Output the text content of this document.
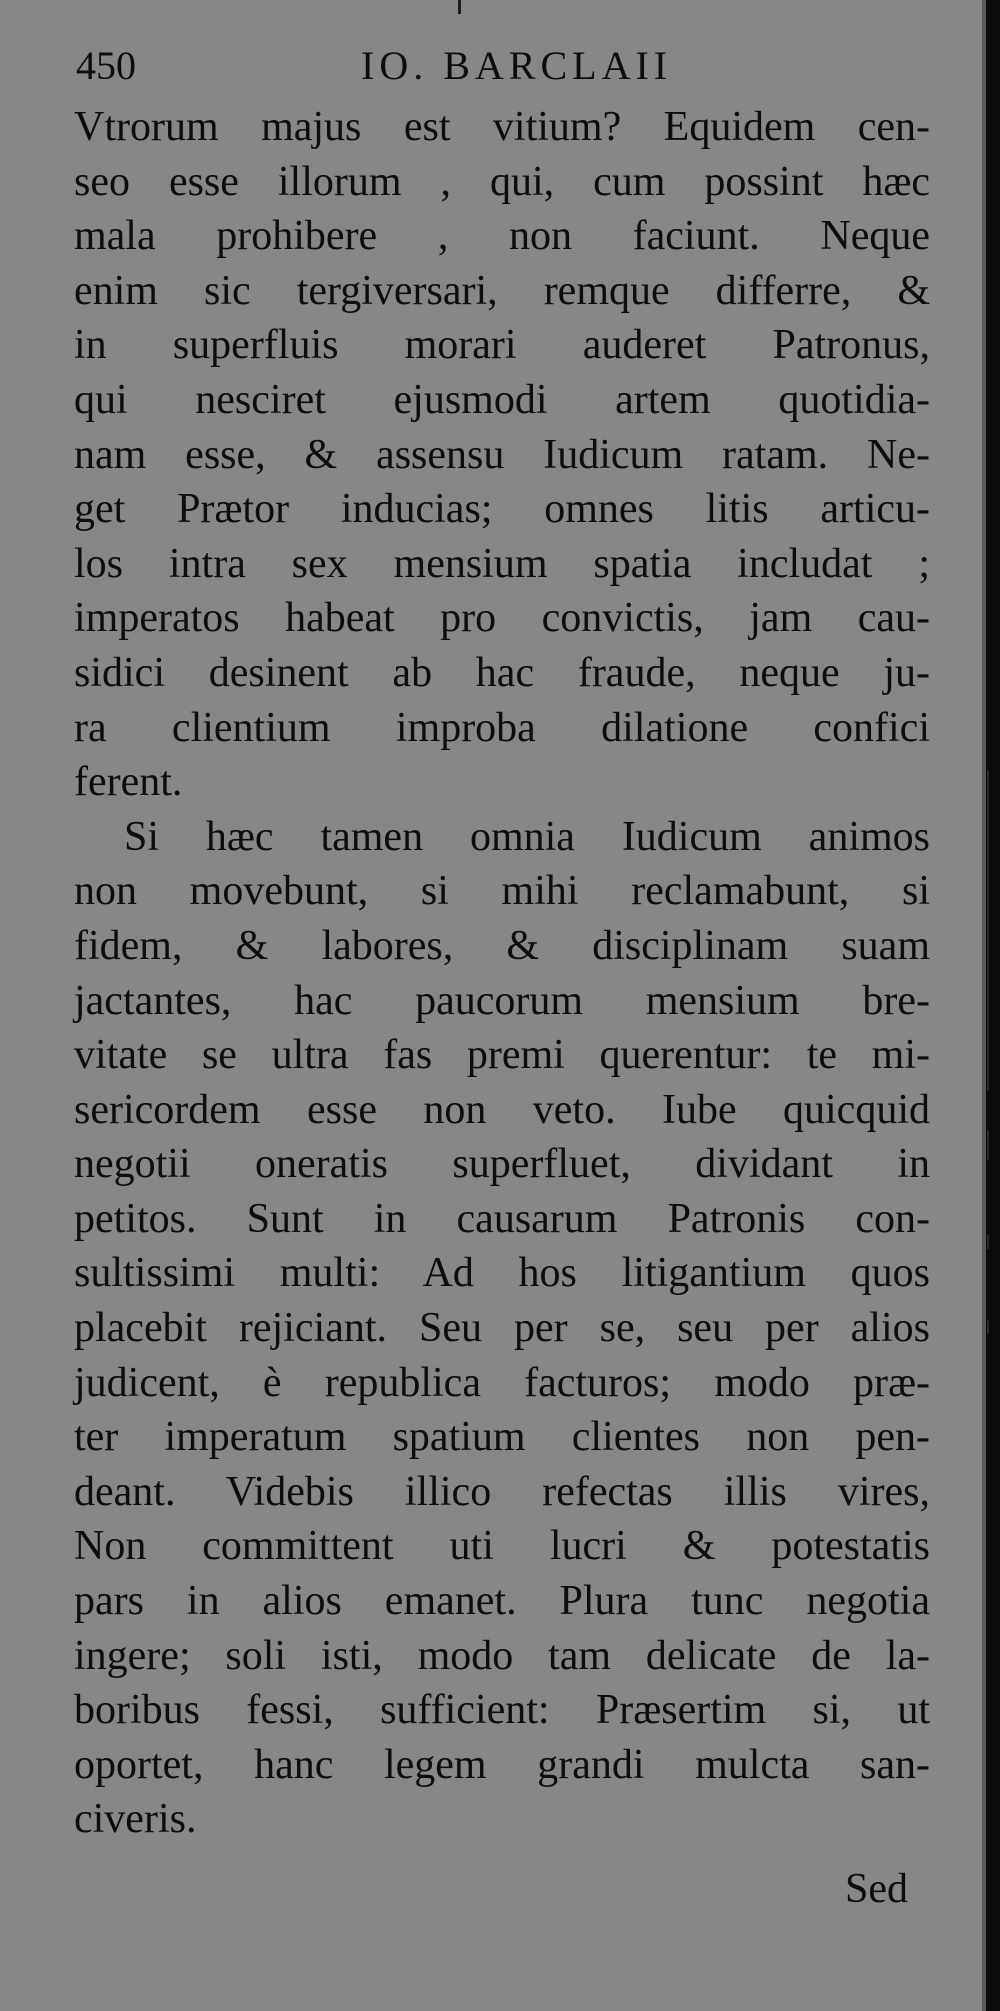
450	IO. BARCLAII
Vtrorum majus est vitium? Equidem cen-
seo esse illorum , qui, cum possint hæc
mala prohibere , non faciunt. Neque
enim sic tergiversari, remque differre, &
in superfluis morari auderet Patronus,
qui nesciret ejusmodi artem quotidia-
nam esse, & assensu Iudicum ratam. Ne-
get Prætor inducias; omnes litis articu-
los intra sex mensium spatia includat ;
imperatos habeat pro convictis, jam cau-
sidici desinent ab hac fraude, neque ju-
ra clientium improba dilatione confici
ferent.
Si hæc tamen omnia Iudicum animos
non movebunt, si mihi reclamabunt, si
fidem, & labores, & disciplinam suam
jactantes, hac paucorum mensium bre-
vitate se ultra fas premi querentur: te mi-
sericordem esse non veto. Iube quicquid
negotii oneratis superfluet, dividant in
petitos. Sunt in causarum Patronis con-
sultissimi multi: Ad hos litigantium quos
placebit rejiciant. Seu per se, seu per alios
judicent, è republica facturos; modo præ-
ter imperatum spatium clientes non pen-
deant. Videbis illico refectas illis vires,
Non committent uti lucri & potestatis
pars in alios emanet. Plura tunc negotia
ingere; soli isti, modo tam delicate de la-
boribus fessi, sufficient: Præsertim si, ut
oportet, hanc legem grandi mulcta san-
civeris.
Sed
